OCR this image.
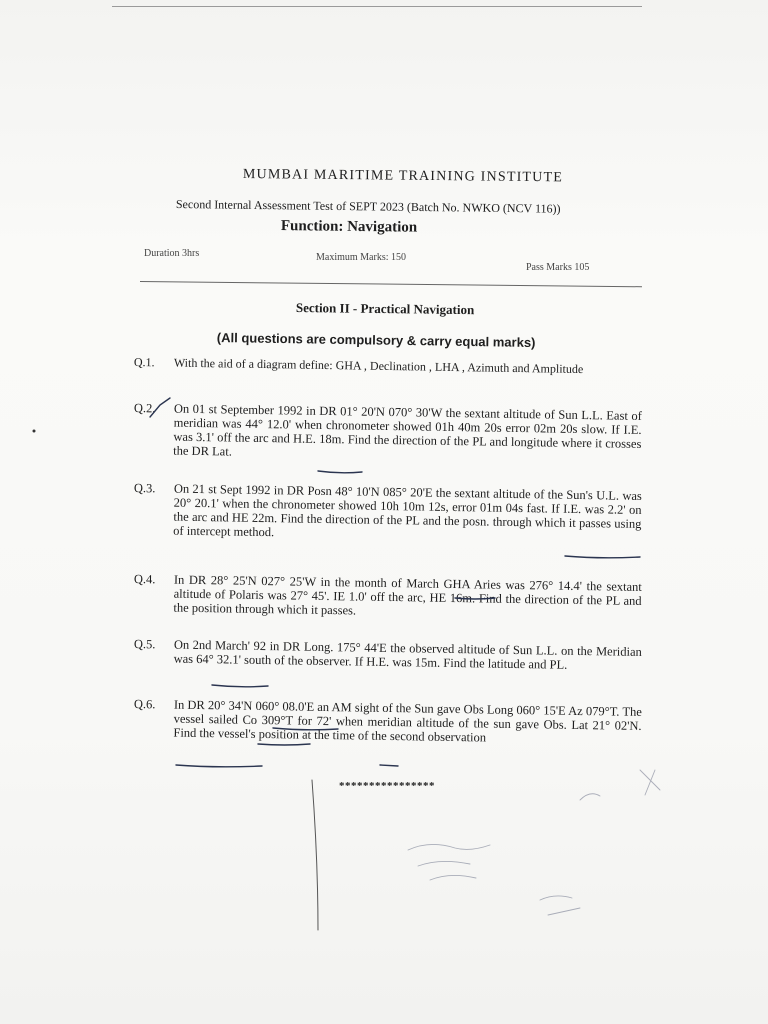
MUMBAI MARITIME TRAINING INSTITUTE
Second Internal Assessment Test of SEPT 2023 (Batch No. NWKO (NCV 116))
Function: Navigation
Duration 3hrs	Maximum Marks: 150
Pass Marks 105
Section II - Practical Navigation
(All questions are compulsory & carry equal marks)
Q.1.	With the aid of a diagram define: GHA , Declination , LHA , Azimuth and Amplitude
Q.2.	On 01 st September 1992 in DR 01° 20'N 070° 30'W the sextant altitude of Sun L.L. East of meridian was 44° 12.0' when chronometer showed 01h 40m 20s error 02m 20s slow. If I.E. was 3.1' off the arc and H.E. 18m. Find the direction of the PL and longitude where it crosses the DR Lat.
Q.3.	On 21 st Sept 1992 in DR Posn 48° 10'N 085° 20'E the sextant altitude of the Sun's U.L. was 20° 20.1' when the chronometer showed 10h 10m 12s, error 01m 04s fast. If I.E. was 2.2' on the arc and HE 22m. Find the direction of the PL and the posn. through which it passes using of intercept method.
Q.4.	In DR 28° 25'N 027° 25'W in the month of March GHA Aries was 276° 14.4' the sextant altitude of Polaris was 27° 45'. IE 1.0' off the arc, HE 16m. Find the direction of the PL and the position through which it passes.
Q.5.	On 2nd March' 92 in DR Long. 175° 44'E the observed altitude of Sun L.L. on the Meridian was 64° 32.1' south of the observer. If H.E. was 15m. Find the latitude and PL.
Q.6.	In DR 20° 34'N 060° 08.0'E an AM sight of the Sun gave Obs Long 060° 15'E Az 079°T. The vessel sailed Co 309°T for 72' when meridian altitude of the sun gave Obs. Lat 21° 02'N. Find the vessel's position at the time of the second observation
****************
